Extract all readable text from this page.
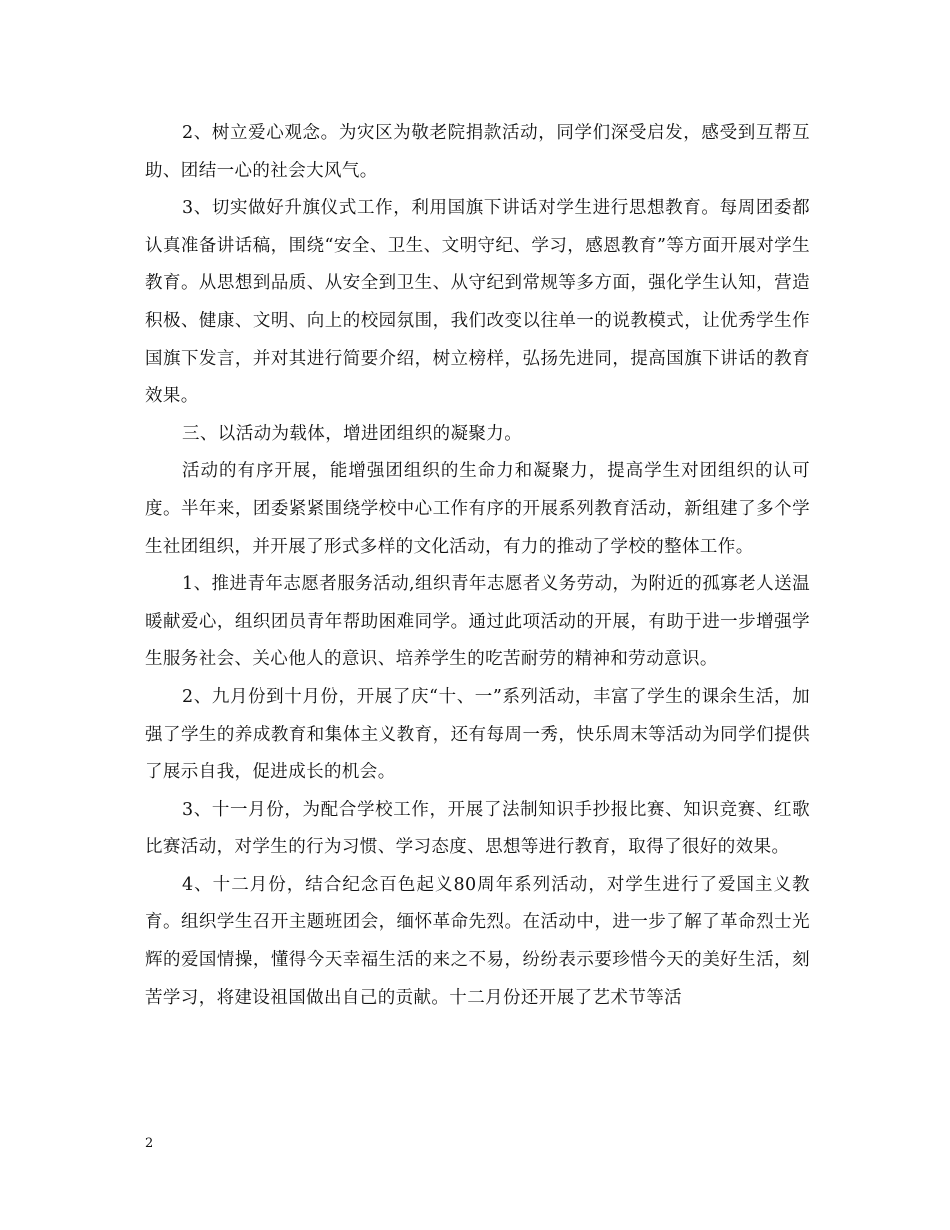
2、树立爱心观念。为灾区为敬老院捐款活动，同学们深受启发，感受到互帮互助、团结一心的社会大风气。

3、切实做好升旗仪式工作，利用国旗下讲话对学生进行思想教育。每周团委都认真准备讲话稿，围绕“安全、卫生、文明守纪、学习，感恩教育”等方面开展对学生教育。从思想到品质、从安全到卫生、从守纪到常规等多方面，强化学生认知，营造积极、健康、文明、向上的校园氛围，我们改变以往单一的说教模式，让优秀学生作国旗下发言，并对其进行简要介绍，树立榜样，弘扬先进同，提高国旗下讲话的教育效果。

三、以活动为载体，增进团组织的凝聚力。

活动的有序开展，能增强团组织的生命力和凝聚力，提高学生对团组织的认可度。半年来，团委紧紧围绕学校中心工作有序的开展系列教育活动，新组建了多个学生社团组织，并开展了形式多样的文化活动，有力的推动了学校的整体工作。

1、推进青年志愿者服务活动,组织青年志愿者义务劳动，为附近的孤寡老人送温暖献爱心，组织团员青年帮助困难同学。通过此项活动的开展，有助于进一步增强学生服务社会、关心他人的意识、培养学生的吃苦耐劳的精神和劳动意识。

2、九月份到十月份，开展了庆“十、一”系列活动，丰富了学生的课余生活，加强了学生的养成教育和集体主义教育，还有每周一秀，快乐周末等活动为同学们提供了展示自我，促进成长的机会。

3、十一月份，为配合学校工作，开展了法制知识手抄报比赛、知识竞赛、红歌比赛活动，对学生的行为习惯、学习态度、思想等进行教育，取得了很好的效果。

4、十二月份，结合纪念百色起义80周年系列活动，对学生进行了爱国主义教育。组织学生召开主题班团会，缅怀革命先烈。在活动中，进一步了解了革命烈士光辉的爱国情操，懂得今天幸福生活的来之不易，纷纷表示要珍惜今天的美好生活，刻苦学习，将建设祖国做出自己的贡献。十二月份还开展了艺术节等活

2
